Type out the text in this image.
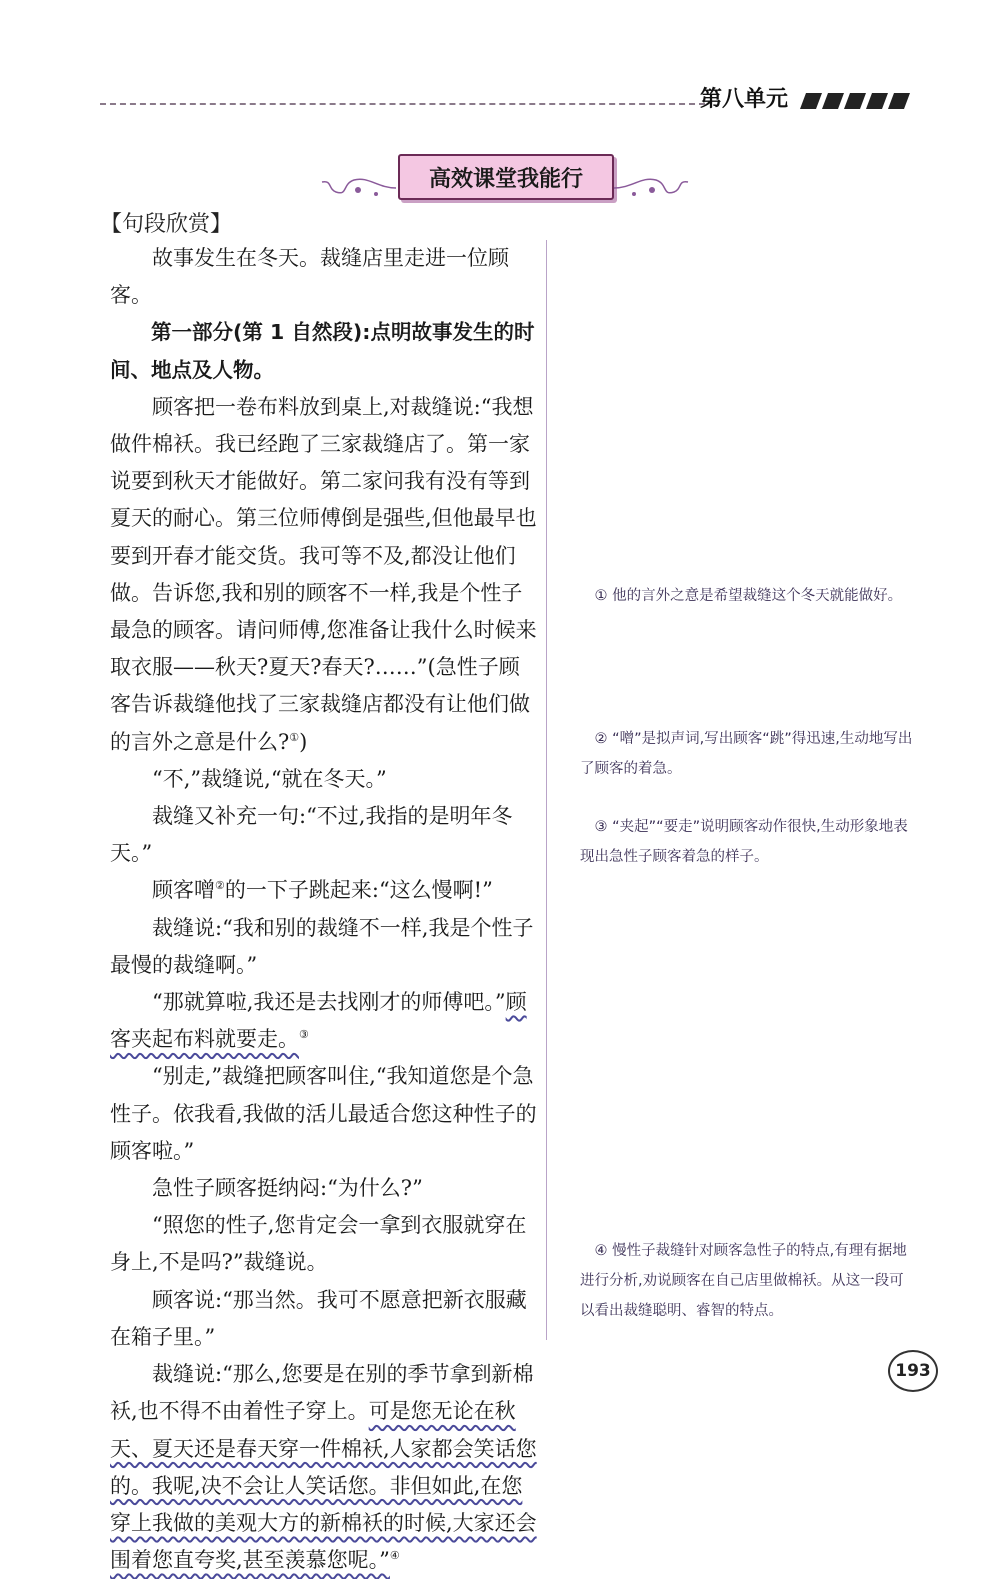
第八单元
高效课堂我能行
【句段欣赏】

故事发生在冬天。裁缝店里走进一位顾客。

第一部分(第 1 自然段):点明故事发生的时间、地点及人物。

顾客把一卷布料放到桌上,对裁缝说:“我想做件棉袄。我已经跑了三家裁缝店了。第一家说要到秋天才能做好。第二家问我有没有等到夏天的耐心。第三位师傅倒是强些,但他最早也要到开春才能交货。我可等不及,都没让他们做。告诉您,我和别的顾客不一样,我是个性子最急的顾客。请问师傅,您准备让我什么时候来取衣服——秋天?夏天?春天?……”(急性子顾客告诉裁缝他找了三家裁缝店都没有让他们做的言外之意是什么?①)

“不,”裁缝说,“就在冬天。”

裁缝又补充一句:“不过,我指的是明年冬天。”

顾客噌②的一下子跳起来:“这么慢啊!”

裁缝说:“我和别的裁缝不一样,我是个性子最慢的裁缝啊。”

“那就算啦,我还是去找刚才的师傅吧。”顾客夹起布料就要走。③

“别走,”裁缝把顾客叫住,“我知道您是个急性子。依我看,我做的活儿最适合您这种性子的顾客啦。”

急性子顾客挺纳闷:“为什么?”

“照您的性子,您肯定会一拿到衣服就穿在身上,不是吗?”裁缝说。

顾客说:“那当然。我可不愿意把新衣服藏在箱子里。”

裁缝说:“那么,您要是在别的季节拿到新棉袄,也不得不由着性子穿上。可是您无论在秋天、夏天还是春天穿一件棉袄,人家都会笑话您的。我呢,决不会让人笑话您。非但如此,在您穿上我做的美观大方的新棉袄的时候,大家还会围着您直夸奖,甚至羡慕您呢。”④

① 他的言外之意是希望裁缝这个冬天就能做好。
② “噌”是拟声词,写出顾客“跳”得迅速,生动地写出了顾客的着急。
③ “夹起”“要走”说明顾客动作很快,生动形象地表现出急性子顾客着急的样子。
④ 慢性子裁缝针对顾客急性子的特点,有理有据地进行分析,劝说顾客在自己店里做棉袄。从这一段可以看出裁缝聪明、睿智的特点。
193
